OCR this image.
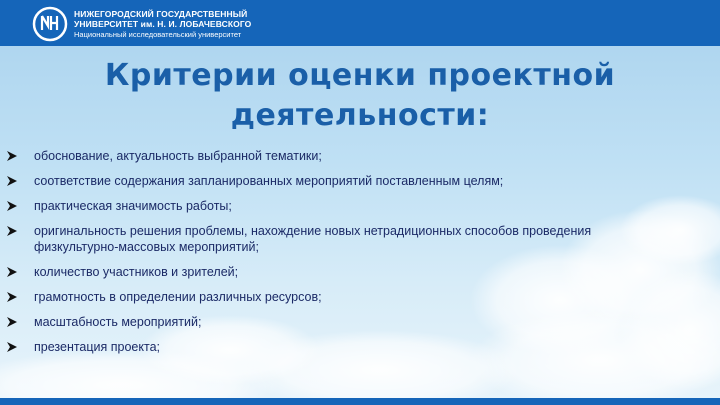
НИЖЕГОРОДСКИЙ ГОСУДАРСТВЕННЫЙ
УНИВЕРСИТЕТ им. Н. И. ЛОБАЧЕВСКОГО
Национальный исследовательский университет
Критерии оценки проектной деятельности:
обоснование, актуальность выбранной тематики;
соответствие содержания запланированных мероприятий поставленным целям;
практическая значимость работы;
оригинальность решения проблемы, нахождение новых нетрадиционных способов проведения физкультурно-массовых мероприятий;
количество участников и зрителей;
грамотность в определении различных ресурсов;
масштабность мероприятий;
презентация проекта;
